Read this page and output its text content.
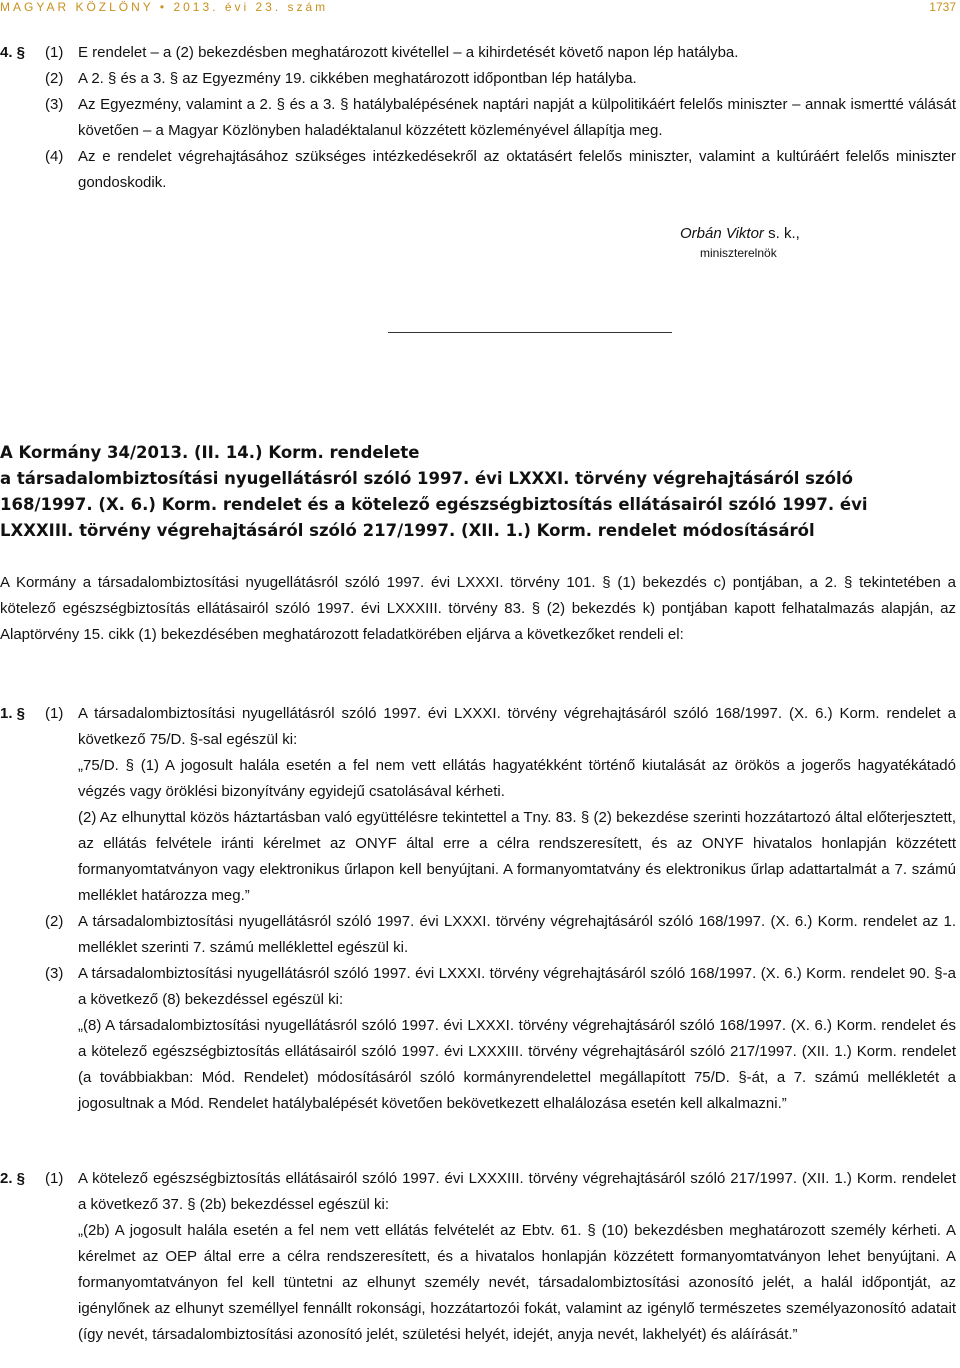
MAGYAR KÖZLÖNY • 2013. évi 23. szám	1737
4. §	(1) E rendelet – a (2) bekezdésben meghatározott kivétellel – a kihirdetését követő napon lép hatályba.
(2) A 2. § és a 3. § az Egyezmény 19. cikkében meghatározott időpontban lép hatályba.
(3) Az Egyezmény, valamint a 2. § és a 3. § hatálybalépésének naptári napját a külpolitikáért felelős miniszter – annak ismertté válását követően – a Magyar Közlönyben haladéktalanul közzétett közleményével állapítja meg.
(4) Az e rendelet végrehajtásához szükséges intézkedésekről az oktatásért felelős miniszter, valamint a kultúráért felelős miniszter gondoskodik.
Orbán Viktor s. k.,
miniszterelnök
A Kormány 34/2013. (II. 14.) Korm. rendelete
a társadalombiztosítási nyugellátásról szóló 1997. évi LXXXI. törvény végrehajtásáról szóló 168/1997. (X. 6.) Korm. rendelet és a kötelező egészségbiztosítás ellátásairól szóló 1997. évi LXXXIII. törvény végrehajtásáról szóló 217/1997. (XII. 1.) Korm. rendelet módosításáról
A Kormány a társadalombiztosítási nyugellátásról szóló 1997. évi LXXXI. törvény 101. § (1) bekezdés c) pontjában, a 2. § tekintetében a kötelező egészségbiztosítás ellátásairól szóló 1997. évi LXXXIII. törvény 83. § (2) bekezdés k) pontjában kapott felhatalmazás alapján, az Alaptörvény 15. cikk (1) bekezdésében meghatározott feladatkörében eljárva a következőket rendeli el:
1. §	(1) A társadalombiztosítási nyugellátásról szóló 1997. évi LXXXI. törvény végrehajtásáról szóló 168/1997. (X. 6.) Korm. rendelet a következő 75/D. §-sal egészül ki:
„75/D. § (1) A jogosult halála esetén a fel nem vett ellátás hagyatékként történő kiutalását az örökös a jogerős hagyatékátadó végzés vagy öröklési bizonyítvány egyidejű csatolásával kérheti.
(2) Az elhunyttal közös háztartásban való együttélésre tekintettel a Tny. 83. § (2) bekezdése szerinti hozzátartozó által előterjesztett, az ellátás felvétele iránti kérelmet az ONYF által erre a célra rendszeresített, és az ONYF hivatalos honlapján közzétett formanyomtatványon vagy elektronikus űrlapon kell benyújtani. A formanyomtatvány és elektronikus űrlap adattartalmát a 7. számú melléklet határozza meg.”
(2) A társadalombiztosítási nyugellátásról szóló 1997. évi LXXXI. törvény végrehajtásáról szóló 168/1997. (X. 6.) Korm. rendelet az 1. melléklet szerinti 7. számú melléklettel egészül ki.
(3) A társadalombiztosítási nyugellátásról szóló 1997. évi LXXXI. törvény végrehajtásáról szóló 168/1997. (X. 6.) Korm. rendelet 90. §-a a következő (8) bekezdéssel egészül ki:
„(8) A társadalombiztosítási nyugellátásról szóló 1997. évi LXXXI. törvény végrehajtásáról szóló 168/1997. (X. 6.) Korm. rendelet és a kötelező egészségbiztosítás ellátásairól szóló 1997. évi LXXXIII. törvény végrehajtásáról szóló 217/1997. (XII. 1.) Korm. rendelet (a továbbiakban: Mód. Rendelet) módosításáról szóló kormányrendelettel megállapított 75/D. §-át, a 7. számú mellékletét a jogosultnak a Mód. Rendelet hatálybalépését követően bekövetkezett elhalálozása esetén kell alkalmazni.”
2. §	(1) A kötelező egészségbiztosítás ellátásairól szóló 1997. évi LXXXIII. törvény végrehajtásáról szóló 217/1997. (XII. 1.) Korm. rendelet a következő 37. § (2b) bekezdéssel egészül ki:
„(2b) A jogosult halála esetén a fel nem vett ellátás felvételét az Ebtv. 61. § (10) bekezdésben meghatározott személy kérheti. A kérelmet az OEP által erre a célra rendszeresített, és a hivatalos honlapján közzétett formanyomtatványon lehet benyújtani. A formanyomtatványon fel kell tüntetni az elhunyt személy nevét, társadalombiztosítási azonosító jelét, a halál időpontját, az igénylőnek az elhunyt személlyel fennállt rokonsági, hozzátartozói fokát, valamint az igénylő természetes személyazonosító adatait (így nevét, társadalombiztosítási azonosító jelét, születési helyét, idejét, anyja nevét, lakhelyét) és aláírását.”
